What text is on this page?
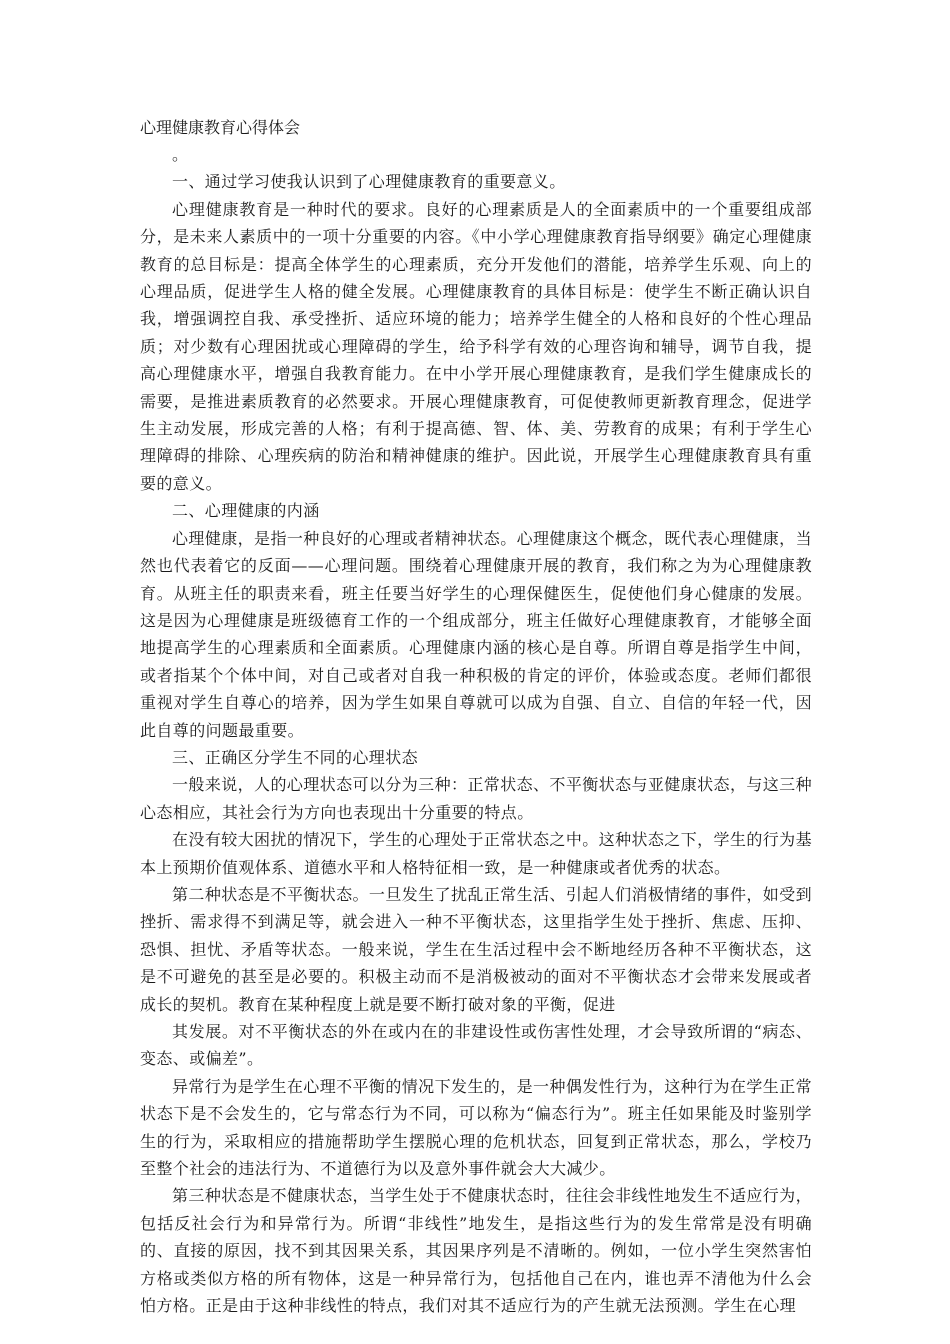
心理健康教育心得体会

。

一、通过学习使我认识到了心理健康教育的重要意义。

心理健康教育是一种时代的要求。良好的心理素质是人的全面素质中的一个重要组成部分，是未来人素质中的一项十分重要的内容。《中小学心理健康教育指导纲要》确定心理健康教育的总目标是：提高全体学生的心理素质，充分开发他们的潜能，培养学生乐观、向上的心理品质，促进学生人格的健全发展。心理健康教育的具体目标是：使学生不断正确认识自我，增强调控自我、承受挫折、适应环境的能力；培养学生健全的人格和良好的个性心理品质；对少数有心理困扰或心理障碍的学生，给予科学有效的心理咨询和辅导，调节自我，提高心理健康水平，增强自我教育能力。在中小学开展心理健康教育，是我们学生健康成长的需要，是推进素质教育的必然要求。开展心理健康教育，可促使教师更新教育理念，促进学生主动发展，形成完善的人格；有利于提高德、智、体、美、劳教育的成果；有利于学生心理障碍的排除、心理疾病的防治和精神健康的维护。因此说，开展学生心理健康教育具有重要的意义。

二、心理健康的内涵

心理健康，是指一种良好的心理或者精神状态。心理健康这个概念，既代表心理健康，当然也代表着它的反面——心理问题。围绕着心理健康开展的教育，我们称之为为心理健康教育。从班主任的职责来看，班主任要当好学生的心理保健医生，促使他们身心健康的发展。这是因为心理健康是班级德育工作的一个组成部分，班主任做好心理健康教育，才能够全面地提高学生的心理素质和全面素质。心理健康内涵的核心是自尊。所谓自尊是指学生中间，或者指某个个体中间，对自己或者对自我一种积极的肯定的评价，体验或态度。老师们都很重视对学生自尊心的培养，因为学生如果自尊就可以成为自强、自立、自信的年轻一代，因此自尊的问题最重要。

三、正确区分学生不同的心理状态

一般来说，人的心理状态可以分为三种：正常状态、不平衡状态与亚健康状态，与这三种心态相应，其社会行为方向也表现出十分重要的特点。

在没有较大困扰的情况下，学生的心理处于正常状态之中。这种状态之下，学生的行为基本上预期价值观体系、道德水平和人格特征相一致，是一种健康或者优秀的状态。

第二种状态是不平衡状态。一旦发生了扰乱正常生活、引起人们消极情绪的事件，如受到挫折、需求得不到满足等，就会进入一种不平衡状态，这里指学生处于挫折、焦虑、压抑、恐惧、担忧、矛盾等状态。一般来说，学生在生活过程中会不断地经历各种不平衡状态，这是不可避免的甚至是必要的。积极主动而不是消极被动的面对不平衡状态才会带来发展或者成长的契机。教育在某种程度上就是要不断打破对象的平衡，促进

其发展。对不平衡状态的外在或内在的非建设性或伤害性处理，才会导致所谓的“病态、变态、或偏差”。

异常行为是学生在心理不平衡的情况下发生的，是一种偶发性行为，这种行为在学生正常状态下是不会发生的，它与常态行为不同，可以称为“偏态行为”。班主任如果能及时鉴别学生的行为，采取相应的措施帮助学生摆脱心理的危机状态，回复到正常状态，那么，学校乃至整个社会的违法行为、不道德行为以及意外事件就会大大减少。

第三种状态是不健康状态，当学生处于不健康状态时，往往会非线性地发生不适应行为，包括反社会行为和异常行为。所谓“非线性”地发生，是指这些行为的发生常常是没有明确的、直接的原因，找不到其因果关系，其因果序列是不清晰的。例如，一位小学生突然害怕方格或类似方格的所有物体，这是一种异常行为，包括他自己在内，谁也弄不清他为什么会怕方格。正是由于这种非线性的特点，我们对其不适应行为的产生就无法预测。学生在心理
